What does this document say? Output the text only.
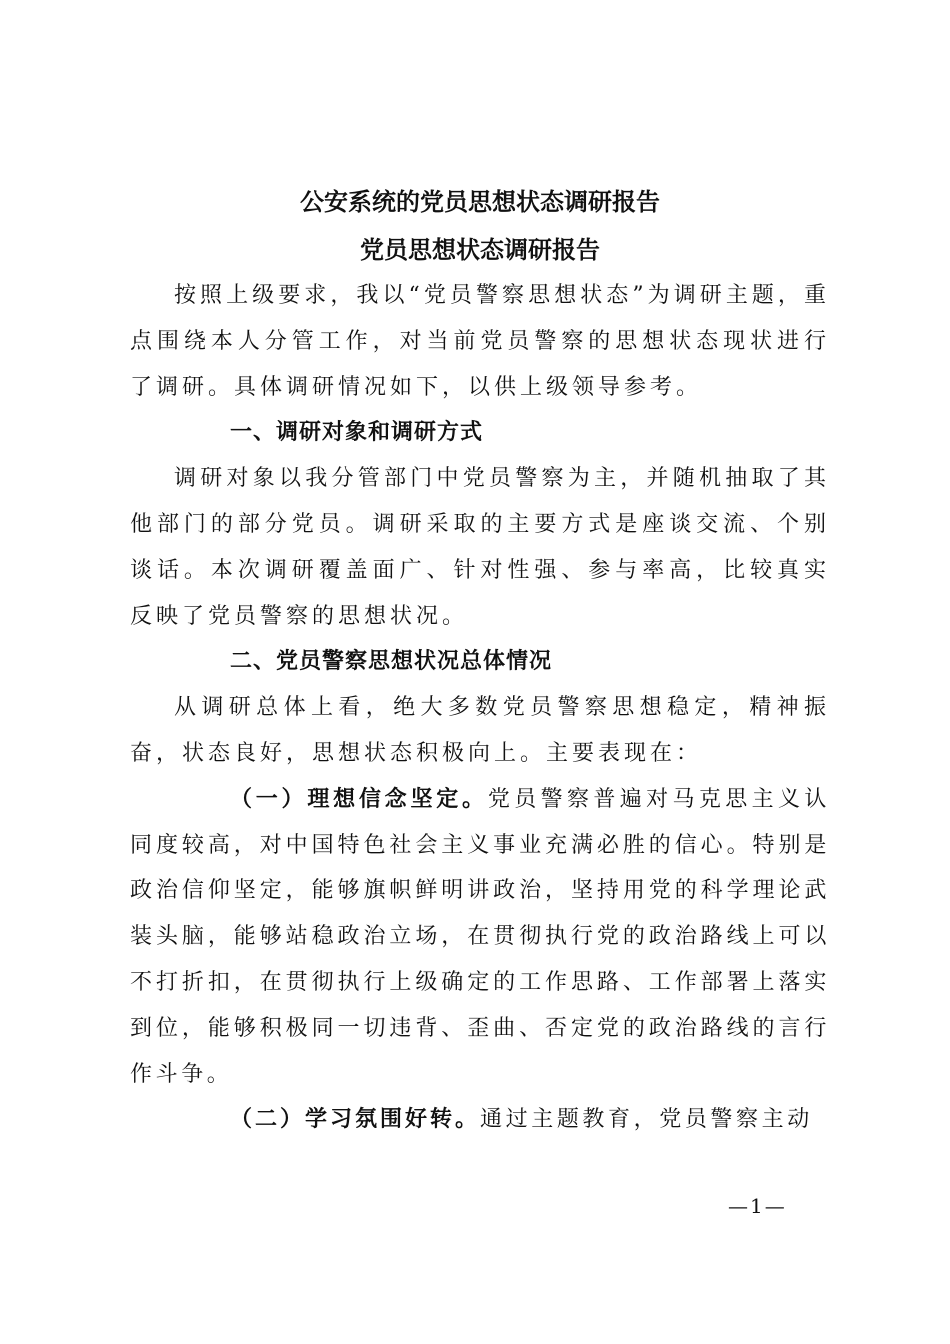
公安系统的党员思想状态调研报告
党员思想状态调研报告

按照上级要求，我以“党员警察思想状态”为调研主题，重点围绕本人分管工作，对当前党员警察的思想状态现状进行了调研。具体调研情况如下，以供上级领导参考。

一、调研对象和调研方式

调研对象以我分管部门中党员警察为主，并随机抽取了其他部门的部分党员。调研采取的主要方式是座谈交流、个别谈话。本次调研覆盖面广、针对性强、参与率高，比较真实反映了党员警察的思想状况。

二、党员警察思想状况总体情况

从调研总体上看，绝大多数党员警察思想稳定，精神振奋，状态良好，思想状态积极向上。主要表现在：

（一）理想信念坚定。党员警察普遍对马克思主义认同度较高，对中国特色社会主义事业充满必胜的信心。特别是政治信仰坚定，能够旗帜鲜明讲政治，坚持用党的科学理论武装头脑，能够站稳政治立场，在贯彻执行党的政治路线上可以不打折扣，在贯彻执行上级确定的工作思路、工作部署上落实到位，能够积极同一切违背、歪曲、否定党的政治路线的言行作斗争。

（二）学习氛围好转。通过主题教育，党员警察主动

—1—
